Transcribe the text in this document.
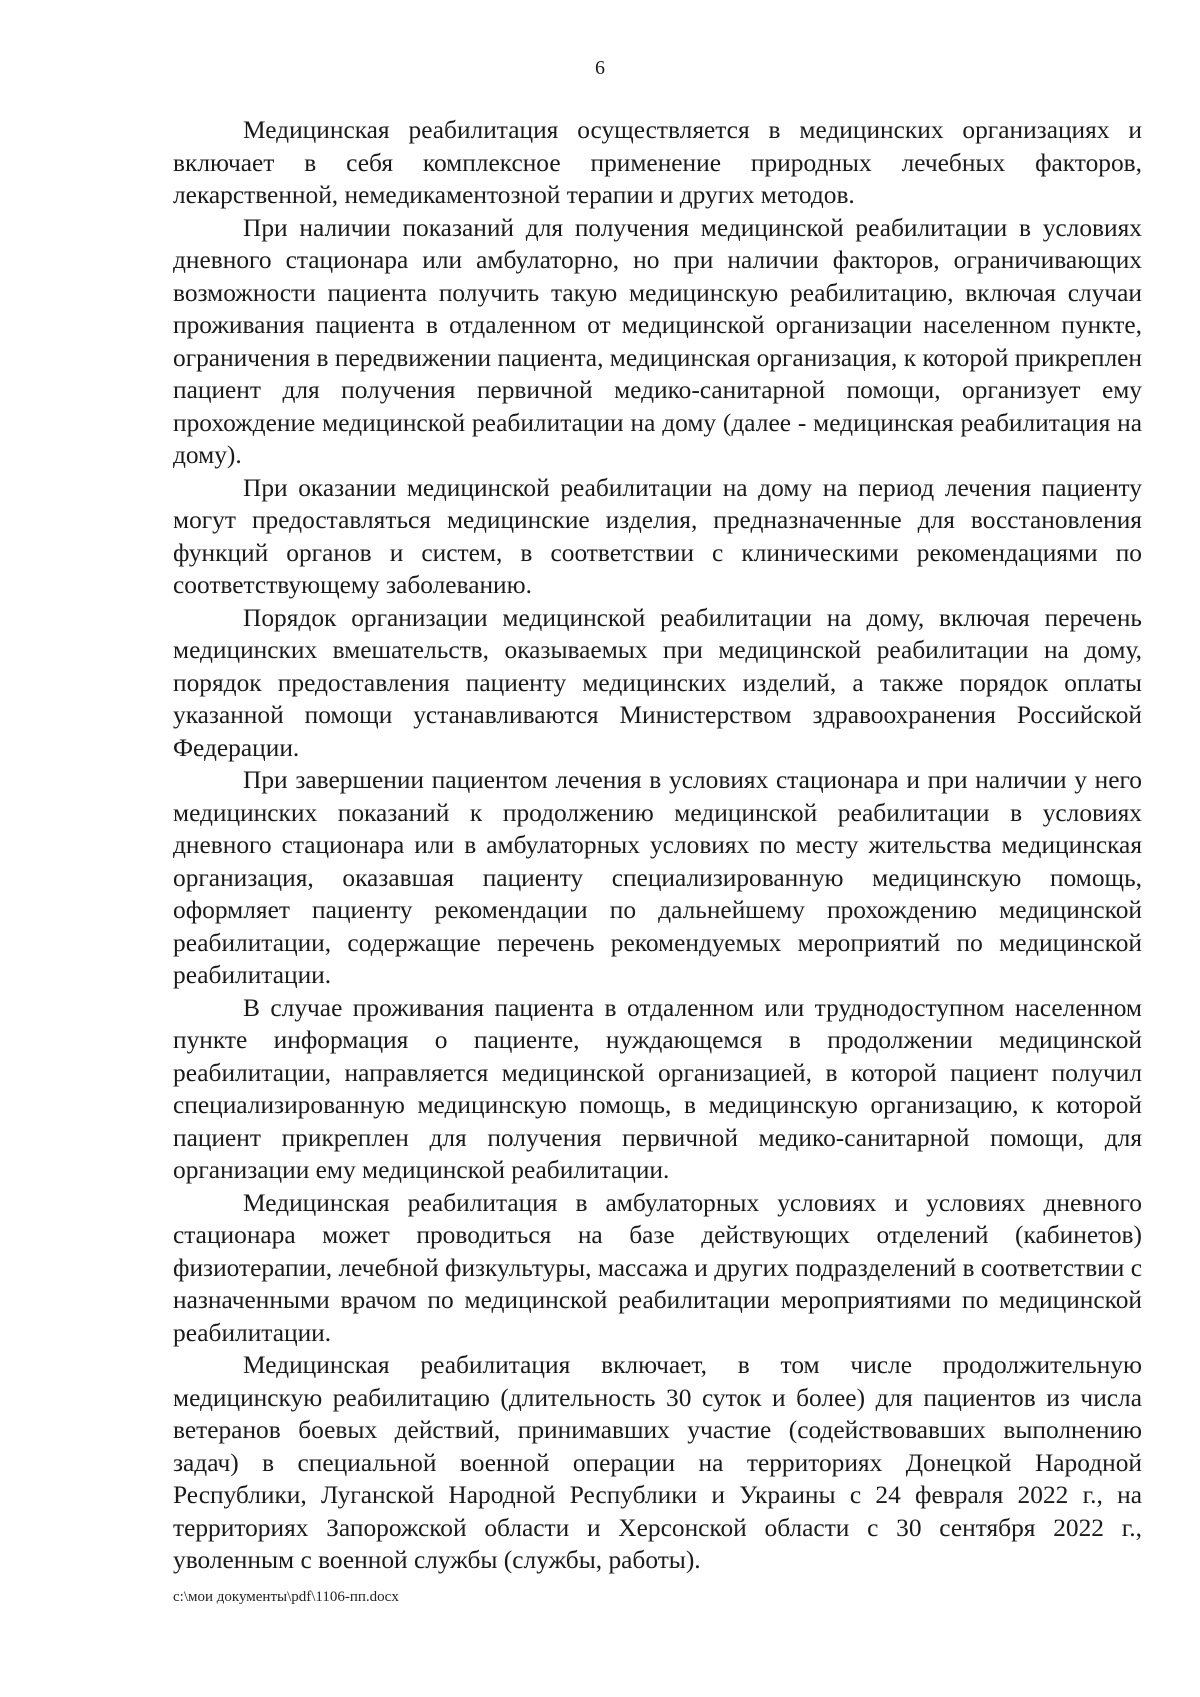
6

Медицинская реабилитация осуществляется в медицинских организациях и включает в себя комплексное применение природных лечебных факторов, лекарственной, немедикаментозной терапии и других методов.

При наличии показаний для получения медицинской реабилитации в условиях дневного стационара или амбулаторно, но при наличии факторов, ограничивающих возможности пациента получить такую медицинскую реабилитацию, включая случаи проживания пациента в отдаленном от медицинской организации населенном пункте, ограничения в передвижении пациента, медицинская организация, к которой прикреплен пациент для получения первичной медико-санитарной помощи, организует ему прохождение медицинской реабилитации на дому (далее - медицинская реабилитация на дому).

При оказании медицинской реабилитации на дому на период лечения пациенту могут предоставляться медицинские изделия, предназначенные для восстановления функций органов и систем, в соответствии с клиническими рекомендациями по соответствующему заболеванию.

Порядок организации медицинской реабилитации на дому, включая перечень медицинских вмешательств, оказываемых при медицинской реабилитации на дому, порядок предоставления пациенту медицинских изделий, а также порядок оплаты указанной помощи устанавливаются Министерством здравоохранения Российской Федерации.

При завершении пациентом лечения в условиях стационара и при наличии у него медицинских показаний к продолжению медицинской реабилитации в условиях дневного стационара или в амбулаторных условиях по месту жительства медицинская организация, оказавшая пациенту специализированную медицинскую помощь, оформляет пациенту рекомендации по дальнейшему прохождению медицинской реабилитации, содержащие перечень рекомендуемых мероприятий по медицинской реабилитации.

В случае проживания пациента в отдаленном или труднодоступном населенном пункте информация о пациенте, нуждающемся в продолжении медицинской реабилитации, направляется медицинской организацией, в которой пациент получил специализированную медицинскую помощь, в медицинскую организацию, к которой пациент прикреплен для получения первичной медико-санитарной помощи, для организации ему медицинской реабилитации.

Медицинская реабилитация в амбулаторных условиях и условиях дневного стационара может проводиться на базе действующих отделений (кабинетов) физиотерапии, лечебной физкультуры, массажа и других подразделений в соответствии с назначенными врачом по медицинской реабилитации мероприятиями по медицинской реабилитации.

Медицинская реабилитация включает, в том числе продолжительную медицинскую реабилитацию (длительность 30 суток и более) для пациентов из числа ветеранов боевых действий, принимавших участие (содействовавших выполнению задач) в специальной военной операции на территориях Донецкой Народной Республики, Луганской Народной Республики и Украины с 24 февраля 2022 г., на территориях Запорожской области и Херсонской области с 30 сентября 2022 г., уволенным с военной службы (службы, работы).

c:\мои документы\pdf\1106-пп.docx
